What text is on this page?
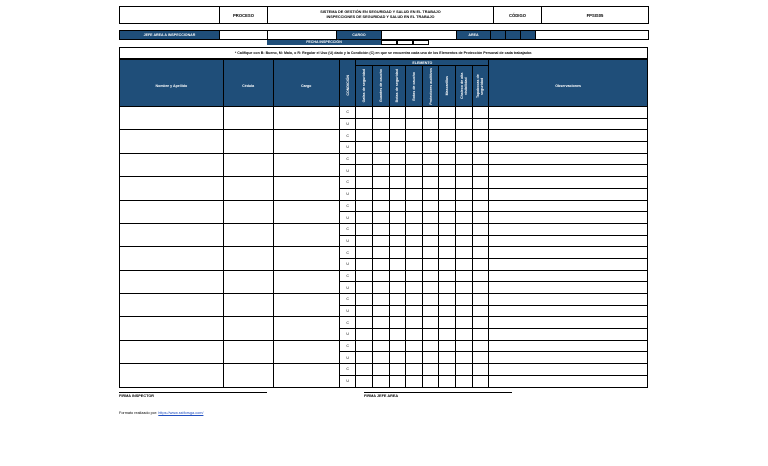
	PROCESO	
SISTEMA DE GESTIÓN EN SEGURIDAD Y SALUD EN EL TRABAJO
INSPECCIONES DE SEGURIDAD Y SALUD EN EL TRABAJO	CÓDIGO	FPSIS05
JEFE AREA A INSPECCIONAR			CARGO		AREA				
FECHA INSPECCIÓN
* Califique con B: Bueno, M: Malo, o R: Regular el Uso (U) dado y la Condición (C) en que se encuentra cada uno de los Elementos de Protección Personal de cada trabajador.
				ELEMENTO								
Nombre y Apellido	Cédula	Cargo	CONDICIÓN	Gafas de seguridad	Guantes de caucho	Botas de seguridad	Botas de caucho	Protectores auditivos	Mascarillas	Chaleco de alta visibilidad	Tapabocas de seguridad	Observaciones
			C									
			U									
			C									
			U									
			C									
			U									
			C									
			U									
			C									
			U									
			C									
			U									
			C									
			U									
			C									
			U									
			C									
			U									
			C									
			U									
			C									
			U									
			C									
			U									
FIRMA INSPECTOR	FIRMA JEFE AREA
Formato realizado por: https://www.sstforsga.com/
